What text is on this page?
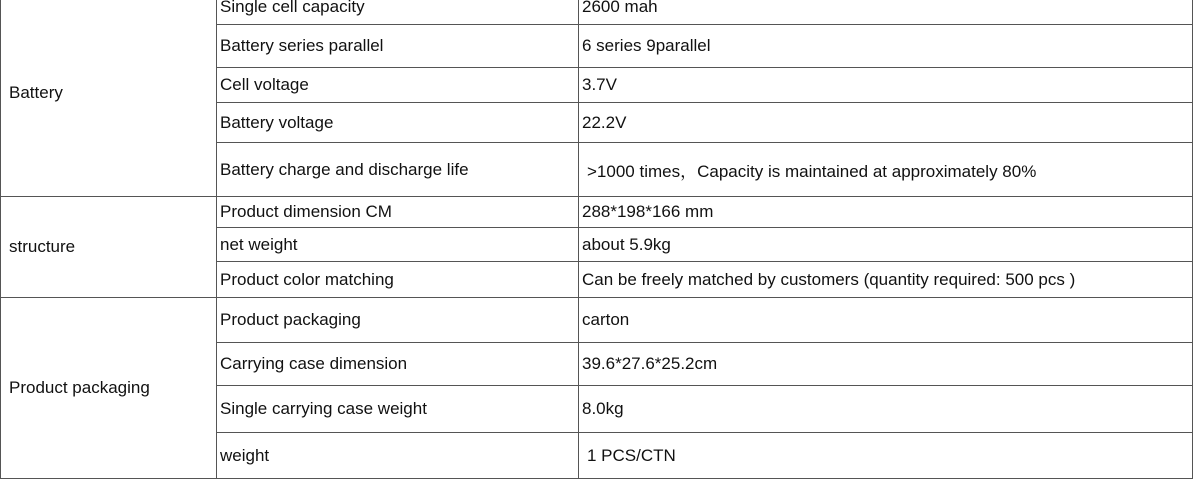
Battery	Single cell capacity	2600 mah
	Battery series parallel	6 series 9parallel
	Cell voltage	3.7V
	Battery voltage	22.2V
	Battery charge and discharge life	>1000 times，Capacity is maintained at approximately 80%
structure	Product dimension CM	288*198*166 mm
	net weight	about 5.9kg
	Product color matching	Can be freely matched by customers (quantity required: 500 pcs )
Product packaging	Product packaging	carton
	Carrying case dimension	39.6*27.6*25.2cm
	Single carrying case weight	8.0kg
	weight	1 PCS/CTN
